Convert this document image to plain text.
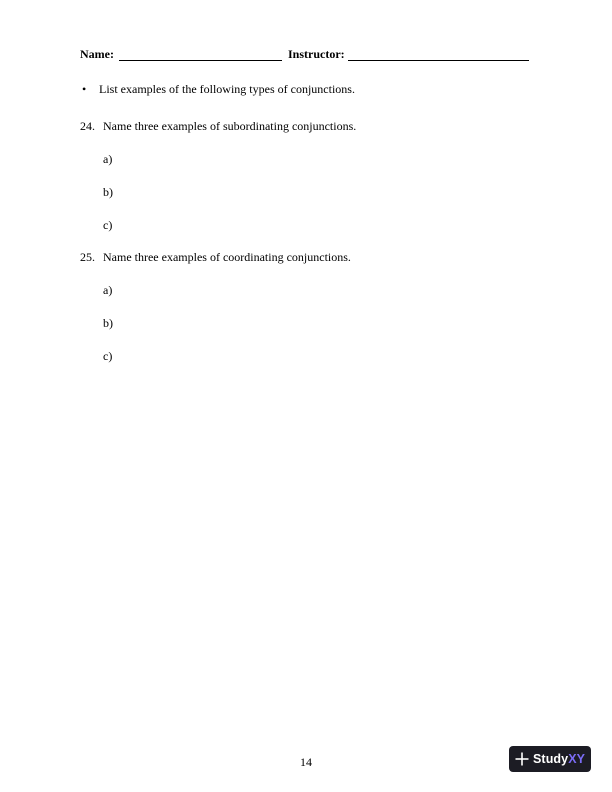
Name:	Instructor:
• List examples of the following types of conjunctions.
24. Name three examples of subordinating conjunctions.
a)
b)
c)
25. Name three examples of coordinating conjunctions.
a)
b)
c)
14	StudyXY
